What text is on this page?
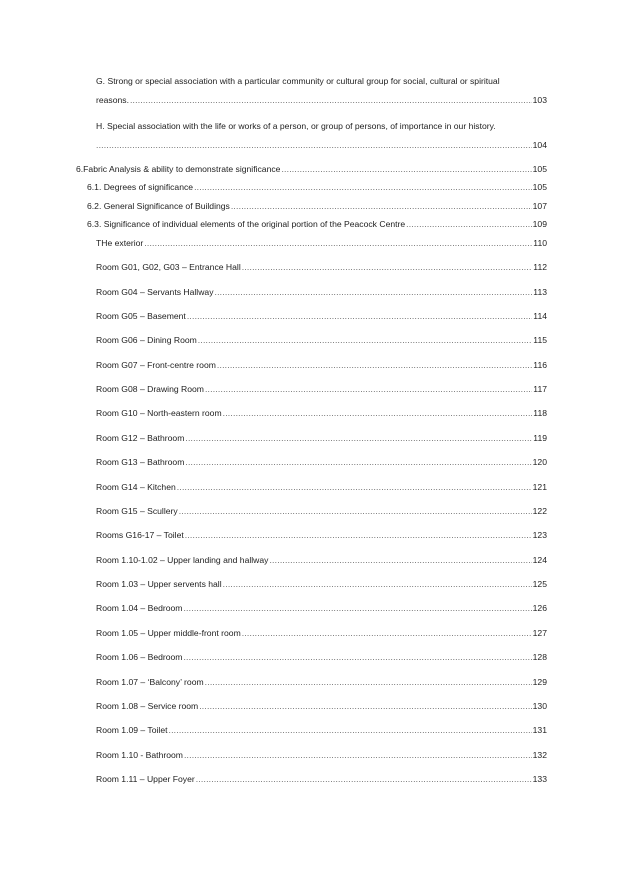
G. Strong or special association with a particular community or cultural group for social, cultural or spiritual
reasons. .....	103
H. Special association with the life or works of a person, or group of persons, of importance in our history.
.....
104
6. Fabric Analysis & ability to demonstrate significance .....	105
6.1. Degrees of significance .....	105
6.2. General Significance of Buildings .....	107
6.3. Significance of individual elements of the original portion of the Peacock Centre .....	109
THe exterior .....	110
Room G01, G02, G03 – Entrance Hall .....	112
Room G04 – Servants Hallway .....	113
Room G05 – Basement .....	114
Room G06 – Dining Room .....	115
Room G07 – Front-centre room .....	116
Room G08 – Drawing Room .....	117
Room G10 – North-eastern room .....	118
Room G12 – Bathroom .....	119
Room G13 – Bathroom .....	120
Room G14 – Kitchen .....	121
Room G15 – Scullery .....	122
Rooms G16-17 – Toilet .....	123
Room 1.10-1.02 – Upper landing and hallway .....	124
Room 1.03 – Upper servents hall .....	125
Room 1.04 – Bedroom .....	126
Room 1.05 – Upper middle-front room .....	127
Room 1.06 – Bedroom .....	128
Room 1.07 – ‘Balcony’ room .....	129
Room 1.08 – Service room .....	130
Room 1.09 – Toilet .....	131
Room 1.10 - Bathroom .....	132
Room 1.11 – Upper Foyer .....	133
